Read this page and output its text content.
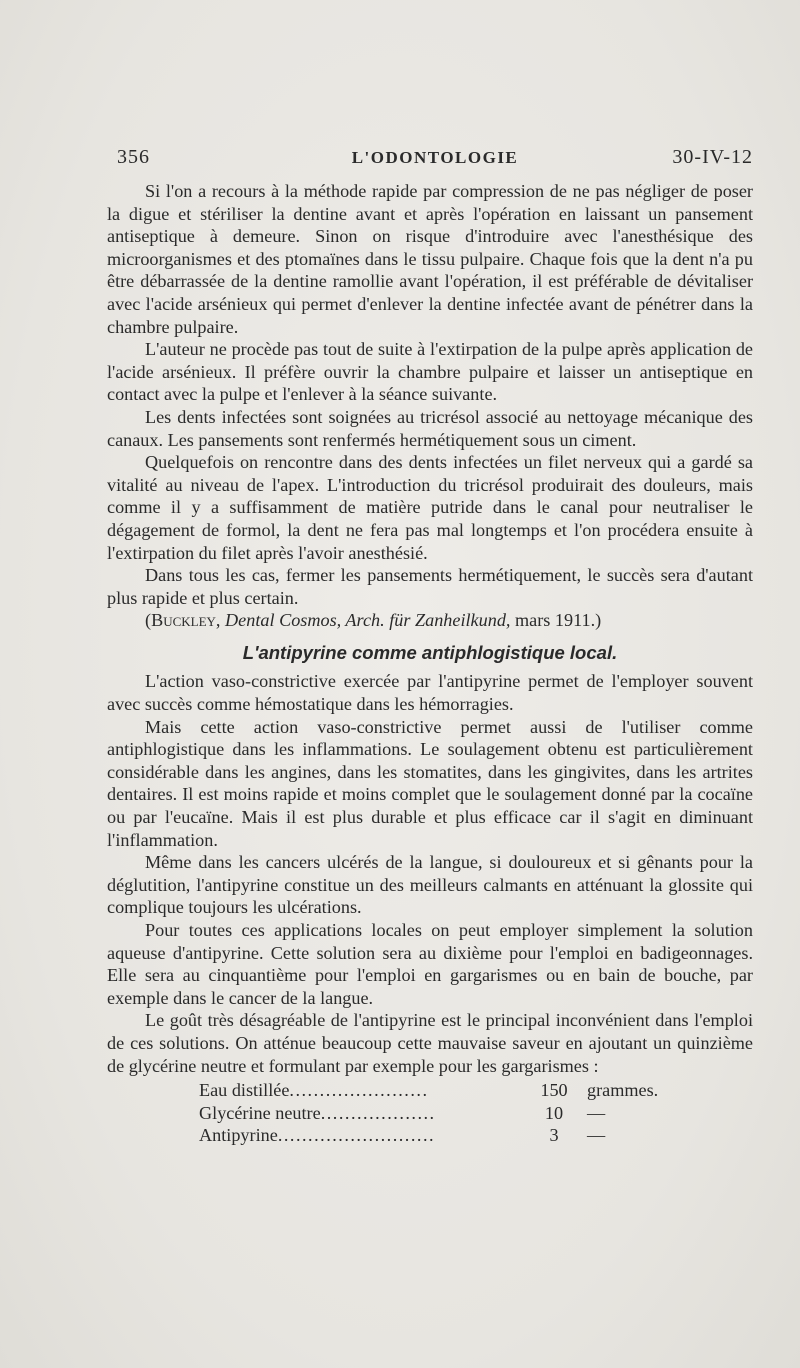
356	L'ODONTOLOGIE	30-IV-12

Si l'on a recours à la méthode rapide par compression de ne pas négliger de poser la digue et stériliser la dentine avant et après l'opération en laissant un pansement antiseptique à demeure. Sinon on risque d'introduire avec l'anesthésique des microorganismes et des ptomaïnes dans le tissu pulpaire. Chaque fois que la dent n'a pu être débarrassée de la dentine ramollie avant l'opération, il est préférable de dévitaliser avec l'acide arsénieux qui permet d'enlever la dentine infectée avant de pénétrer dans la chambre pulpaire.

L'auteur ne procède pas tout de suite à l'extirpation de la pulpe après application de l'acide arsénieux. Il préfère ouvrir la chambre pulpaire et laisser un antiseptique en contact avec la pulpe et l'enlever à la séance suivante.

Les dents infectées sont soignées au tricrésol associé au nettoyage mécanique des canaux. Les pansements sont renfermés hermétiquement sous un ciment.

Quelquefois on rencontre dans des dents infectées un filet nerveux qui a gardé sa vitalité au niveau de l'apex. L'introduction du tricrésol produirait des douleurs, mais comme il y a suffisamment de matière putride dans le canal pour neutraliser le dégagement de formol, la dent ne fera pas mal longtemps et l'on procédera ensuite à l'extirpation du filet après l'avoir anesthésié.

Dans tous les cas, fermer les pansements hermétiquement, le succès sera d'autant plus rapide et plus certain.

(Buckley, Dental Cosmos, Arch. für Zanheilkund, mars 1911.)

L'antipyrine comme antiphlogistique local.

L'action vaso-constrictive exercée par l'antipyrine permet de l'employer souvent avec succès comme hémostatique dans les hémorragies.

Mais cette action vaso-constrictive permet aussi de l'utiliser comme antiphlogistique dans les inflammations. Le soulagement obtenu est particulièrement considérable dans les angines, dans les stomatites, dans les gingivites, dans les artrites dentaires. Il est moins rapide et moins complet que le soulagement donné par la cocaïne ou par l'eucaïne. Mais il est plus durable et plus efficace car il s'agit en diminuant l'inflammation.

Même dans les cancers ulcérés de la langue, si douloureux et si gênants pour la déglutition, l'antipyrine constitue un des meilleurs calmants en atténuant la glossite qui complique toujours les ulcérations.

Pour toutes ces applications locales on peut employer simplement la solution aqueuse d'antipyrine. Cette solution sera au dixième pour l'emploi en badigeonnages. Elle sera au cinquantième pour l'emploi en gargarismes ou en bain de bouche, par exemple dans le cancer de la langue.

Le goût très désagréable de l'antipyrine est le principal inconvénient dans l'emploi de ces solutions. On atténue beaucoup cette mauvaise saveur en ajoutant un quinzième de glycérine neutre et formulant par exemple pour les gargarismes :

Eau distillée.......................	150	grammes.
Glycérine neutre...................	10	—
Antipyrine..........................	3	—
